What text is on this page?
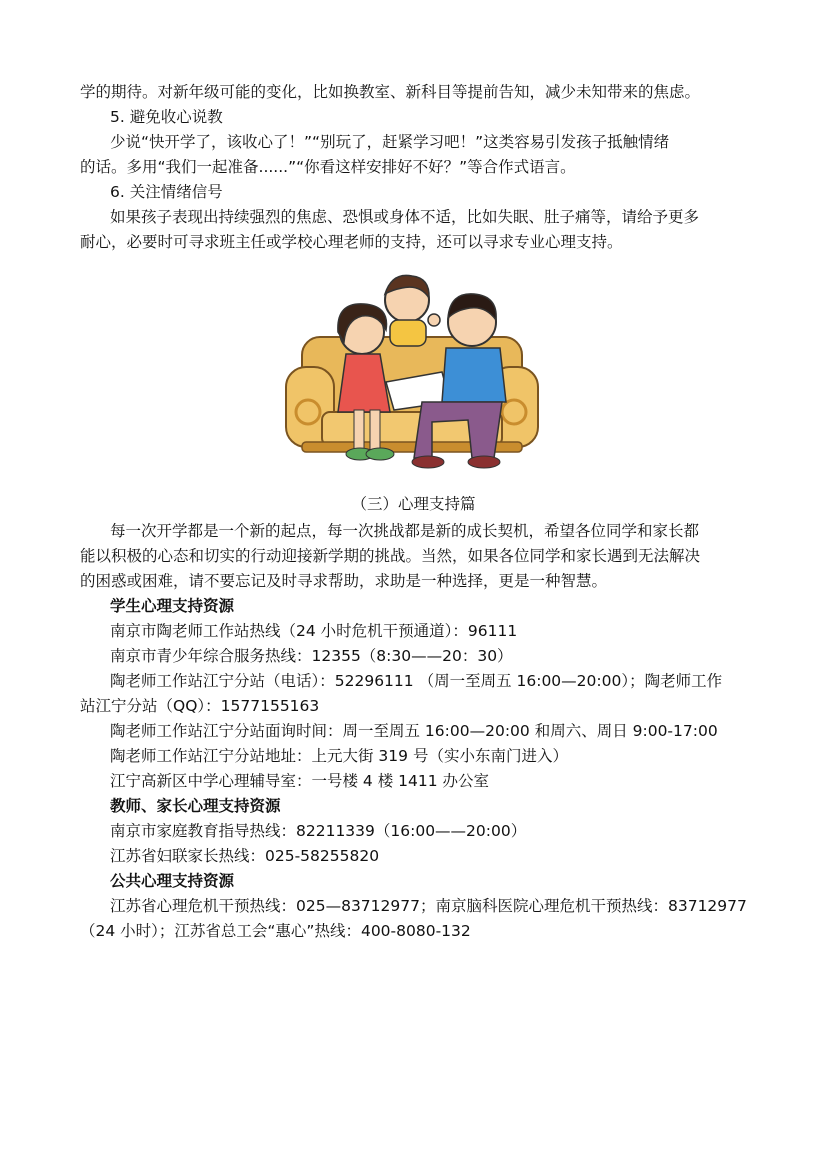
学的期待。对新年级可能的变化，比如换教室、新科目等提前告知，减少未知带来的焦虑。
5. 避免收心说教
少说“快开学了，该收心了！”“别玩了，赶紧学习吧！”这类容易引发孩子抵触情绪
的话。多用“我们一起准备......”“你看这样安排好不好？”等合作式语言。
6. 关注情绪信号
如果孩子表现出持续强烈的焦虑、恐惧或身体不适，比如失眠、肚子痛等，请给予更多
耐心，必要时可寻求班主任或学校心理老师的支持，还可以寻求专业心理支持。
（三）心理支持篇
每一次开学都是一个新的起点，每一次挑战都是新的成长契机，希望各位同学和家长都
能以积极的心态和切实的行动迎接新学期的挑战。当然，如果各位同学和家长遇到无法解决
的困惑或困难，请不要忘记及时寻求帮助，求助是一种选择，更是一种智慧。
学生心理支持资源
南京市陶老师工作站热线（24 小时危机干预通道）：96111
南京市青少年综合服务热线：12355（8:30——20：30）
陶老师工作站江宁分站（电话）：52296111 （周一至周五 16:00—20:00）；陶老师工作
站江宁分站（QQ）：1577155163
陶老师工作站江宁分站面询时间：周一至周五 16:00—20:00 和周六、周日 9:00-17:00
陶老师工作站江宁分站地址：上元大街 319 号（实小东南门进入）
江宁高新区中学心理辅导室：一号楼 4 楼 1411 办公室
教师、家长心理支持资源
南京市家庭教育指导热线：82211339（16:00——20:00）
江苏省妇联家长热线：025-58255820
公共心理支持资源
江苏省心理危机干预热线：025—83712977；南京脑科医院心理危机干预热线：83712977
（24 小时）；江苏省总工会“惠心”热线：400-8080-132
